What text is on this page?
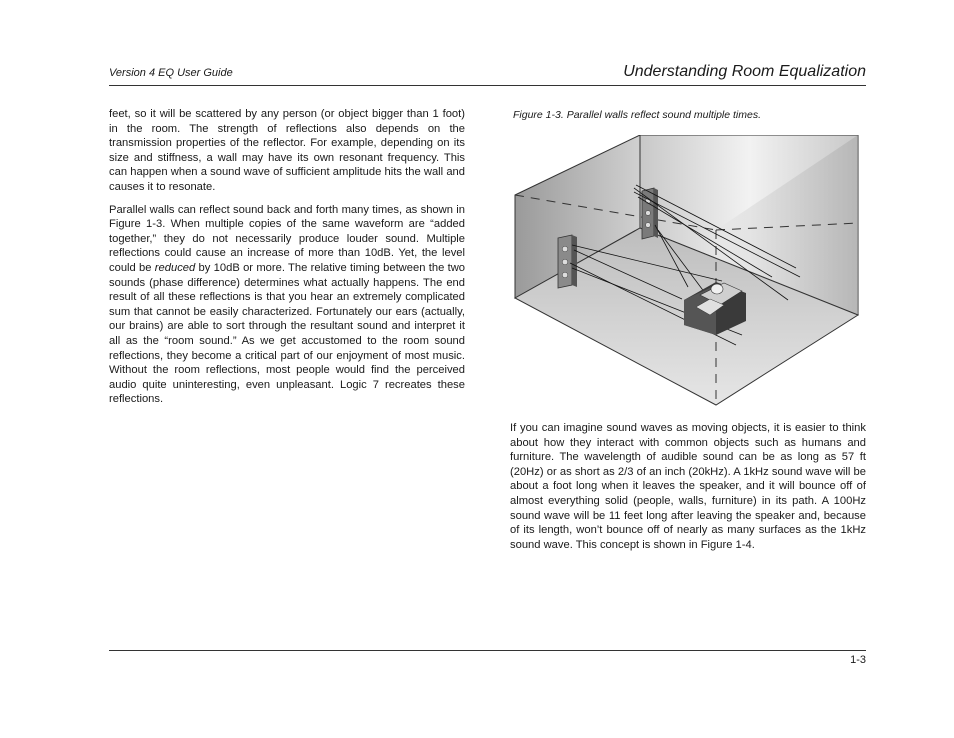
Version 4 EQ User Guide	Understanding Room Equalization

feet, so it will be scattered by any person (or object bigger than 1 foot) in the room. The strength of reflections also depends on the transmission properties of the reflector. For example, depending on its size and stiffness, a wall may have its own resonant frequency. This can happen when a sound wave of sufficient amplitude hits the wall and causes it to resonate.

Parallel walls can reflect sound back and forth many times, as shown in Figure 1-3. When multiple copies of the same waveform are “added together,” they do not necessarily produce louder sound. Multiple reflections could cause an increase of more than 10dB. Yet, the level could be reduced by 10dB or more. The relative timing between the two sounds (phase difference) determines what actually happens. The end result of all these reflections is that you hear an extremely complicated sum that cannot be easily characterized. Fortunately our ears (actually, our brains) are able to sort through the resultant sound and interpret it all as the “room sound.” As we get accustomed to the room sound reflections, they become a critical part of our enjoyment of most music. Without the room reflections, most people would find the perceived audio quite uninteresting, even unpleasant. Logic 7 recreates these reflections.

Figure 1-3. Parallel walls reflect sound multiple times.

If you can imagine sound waves as moving objects, it is easier to think about how they interact with common objects such as humans and furniture. The wavelength of audible sound can be as long as 57 ft (20Hz) or as short as 2/3 of an inch (20kHz). A 1kHz sound wave will be about a foot long when it leaves the speaker, and it will bounce off of almost everything solid (people, walls, furniture) in its path. A 100Hz sound wave will be 11 feet long after leaving the speaker and, because of its length, won’t bounce off of nearly as many surfaces as the 1kHz sound wave. This concept is shown in Figure 1-4.

1-3
